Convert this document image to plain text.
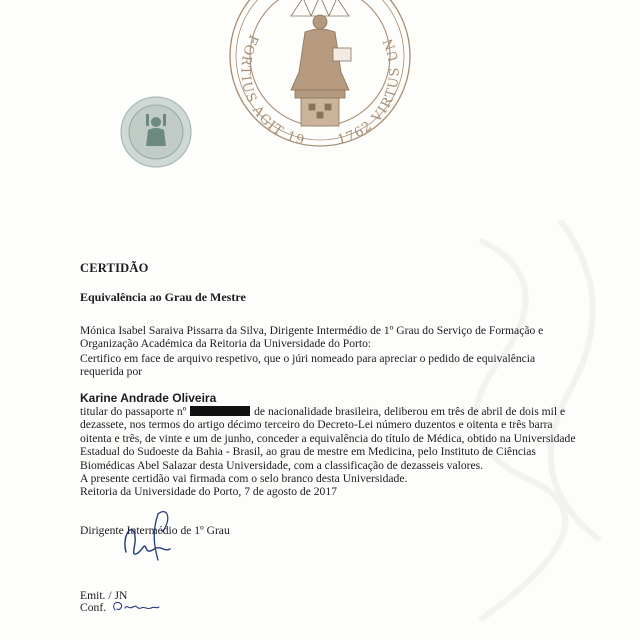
FORTIUS AGIT 19	1762 VIRTUS UN
CERTIDÃO
Equivalência ao Grau de Mestre
Mónica Isabel Saraiva Pissarra da Silva, Dirigente Intermédio de 1º Grau do Serviço de Formação e
Organização Académica da Reitoria da Universidade do Porto:
Certifico em face de arquivo respetivo, que o júri nomeado para apreciar o pedido de equivalência
requerida por
Karine Andrade Oliveira

titular do passaporte nº	de nacionalidade brasileira, deliberou em três de abril de dois mil e

dezassete, nos termos do artigo décimo terceiro do Decreto-Lei número duzentos e oitenta e três barra

oitenta e três, de vinte e um de junho, conceder a equivalência do título de Médica, obtido na Universidade

Estadual do Sudoeste da Bahia - Brasil, ao grau de mestre em Medicina, pelo Instituto de Ciências

Biomédicas Abel Salazar desta Universidade, com a classificação de dezasseis valores.

A presente certidão vai firmada com o selo branco desta Universidade.

Reitoria da Universidade do Porto, 7 de agosto de 2017

Dirigente Intermédio de 1º Grau
Emit. / JN
Conf.
